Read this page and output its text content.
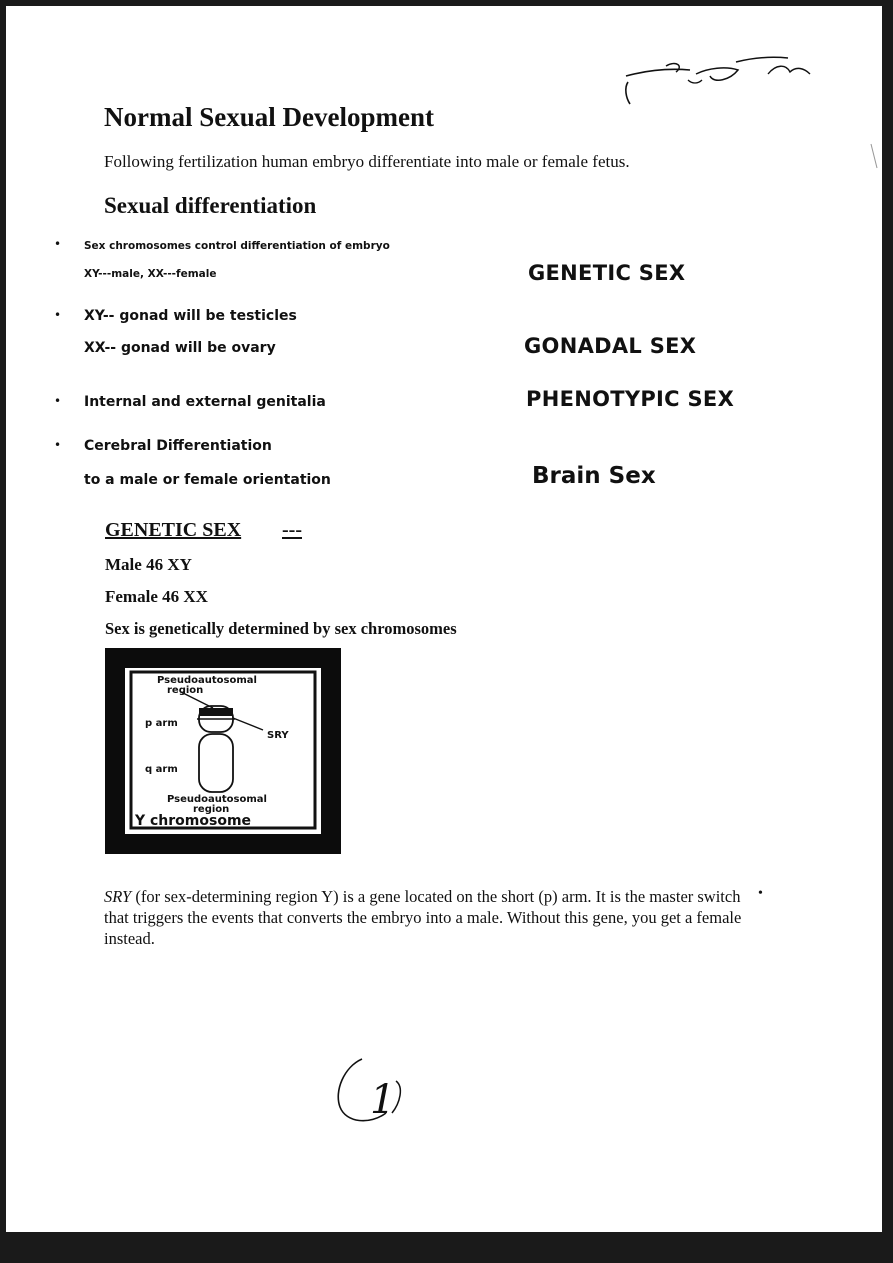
Normal Sexual Development
Following fertilization human embryo differentiate into male or female fetus.
Sexual differentiation
• Sex chromosomes control differentiation of embryo
XY---male, XX---female	GENETIC SEX
• XY-- gonad will be testicles
XX-- gonad will be ovary	GONADAL SEX
• Internal and external genitalia	PHENOTYPIC SEX
• Cerebral Differentiation
to a male or female orientation	Brain Sex
GENETIC SEX ---
Male 46 XY
Female 46 XX
Sex is genetically determined by sex chromosomes
Pseudoautosomal
region
p arm
SRY
q arm
Pseudoautosomal
region
Y chromosome
SRY (for sex-determining region Y) is a gene located on the short (p) arm. It is the master switch that triggers the events that converts the embryo into a male. Without this gene, you get a female instead.
•
1
